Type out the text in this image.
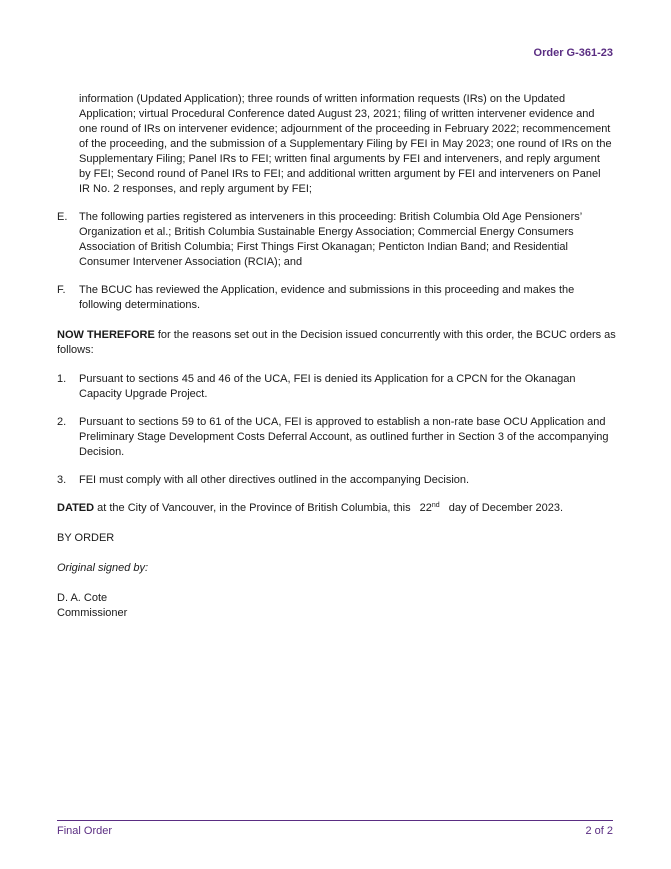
Order G-361-23

information (Updated Application); three rounds of written information requests (IRs) on the Updated Application; virtual Procedural Conference dated August 23, 2021; filing of written intervener evidence and one round of IRs on intervener evidence; adjournment of the proceeding in February 2022; recommencement of the proceeding, and the submission of a Supplementary Filing by FEI in May 2023; one round of IRs on the Supplementary Filing; Panel IRs to FEI; written final arguments by FEI and interveners, and reply argument by FEI; Second round of Panel IRs to FEI; and additional written argument by FEI and interveners on Panel IR No. 2 responses, and reply argument by FEI;

E.	The following parties registered as interveners in this proceeding: British Columbia Old Age Pensioners’ Organization et al.; British Columbia Sustainable Energy Association; Commercial Energy Consumers Association of British Columbia; First Things First Okanagan; Penticton Indian Band; and Residential Consumer Intervener Association (RCIA); and
F.	The BCUC has reviewed the Application, evidence and submissions in this proceeding and makes the following determinations.

NOW THEREFORE for the reasons set out in the Decision issued concurrently with this order, the BCUC orders as follows:

1.	Pursuant to sections 45 and 46 of the UCA, FEI is denied its Application for a CPCN for the Okanagan Capacity Upgrade Project.
2.	Pursuant to sections 59 to 61 of the UCA, FEI is approved to establish a non-rate base OCU Application and Preliminary Stage Development Costs Deferral Account, as outlined further in Section 3 of the accompanying Decision.
3.	FEI must comply with all other directives outlined in the accompanying Decision.

DATED at the City of Vancouver, in the Province of British Columbia, this 22nd day of December 2023.

BY ORDER

Original signed by:

D. A. Cote
Commissioner
Final Order	2 of 2
